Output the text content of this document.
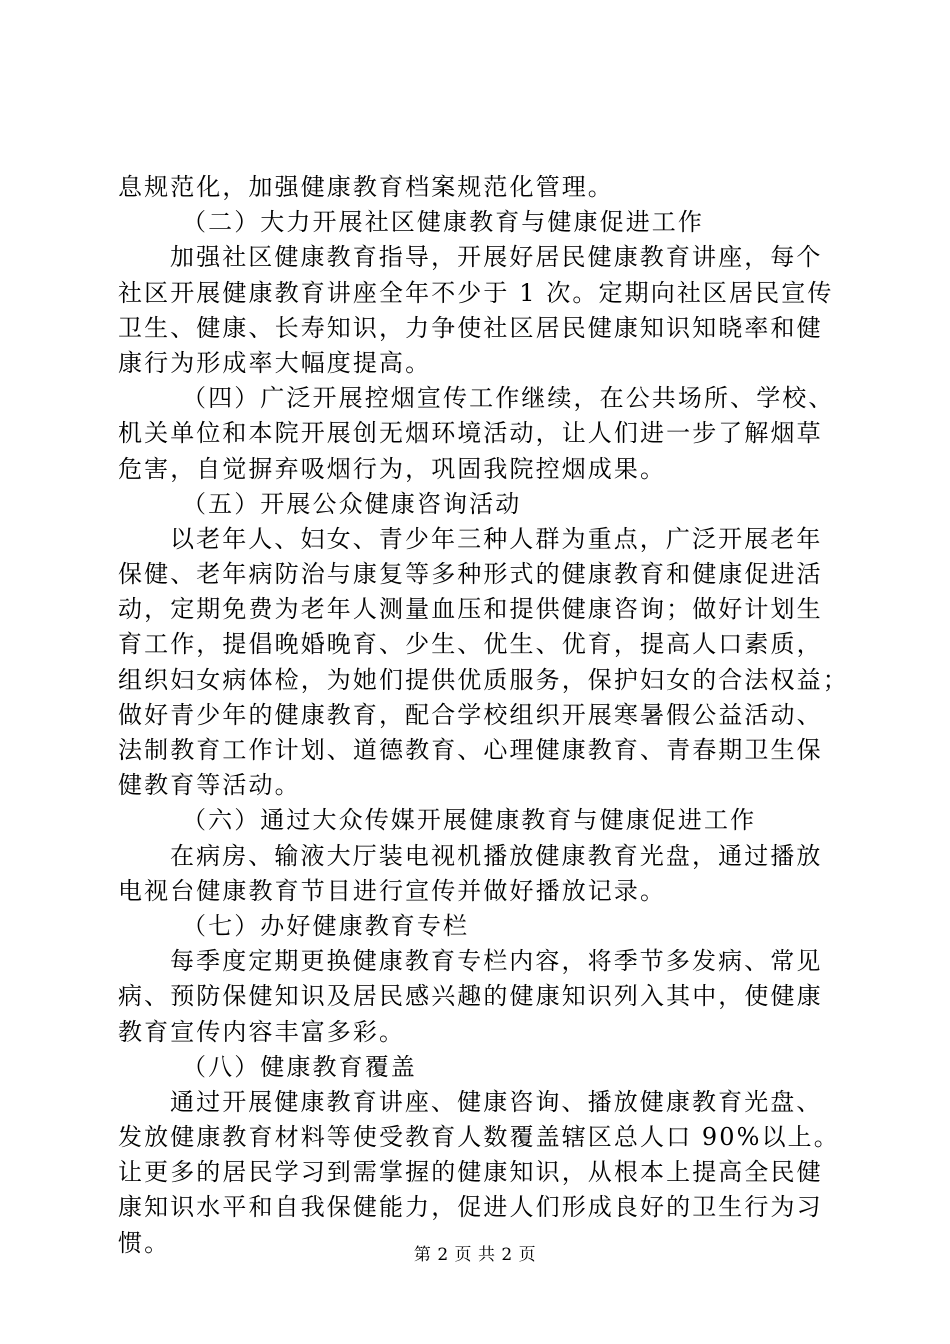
息规范化，加强健康教育档案规范化管理。
（二）大力开展社区健康教育与健康促进工作
加强社区健康教育指导，开展好居民健康教育讲座，每个
社区开展健康教育讲座全年不少于 1 次。定期向社区居民宣传
卫生、健康、长寿知识，力争使社区居民健康知识知晓率和健
康行为形成率大幅度提高。
（四）广泛开展控烟宣传工作继续，在公共场所、学校、
机关单位和本院开展创无烟环境活动，让人们进一步了解烟草
危害，自觉摒弃吸烟行为，巩固我院控烟成果。
（五）开展公众健康咨询活动
以老年人、妇女、青少年三种人群为重点，广泛开展老年
保健、老年病防治与康复等多种形式的健康教育和健康促进活
动，定期免费为老年人测量血压和提供健康咨询；做好计划生
育工作，提倡晚婚晚育、少生、优生、优育，提高人口素质，
组织妇女病体检，为她们提供优质服务，保护妇女的合法权益；
做好青少年的健康教育，配合学校组织开展寒暑假公益活动、
法制教育工作计划、道德教育、心理健康教育、青春期卫生保
健教育等活动。
（六）通过大众传媒开展健康教育与健康促进工作
在病房、输液大厅装电视机播放健康教育光盘，通过播放
电视台健康教育节目进行宣传并做好播放记录。
（七）办好健康教育专栏
每季度定期更换健康教育专栏内容，将季节多发病、常见
病、预防保健知识及居民感兴趣的健康知识列入其中，使健康
教育宣传内容丰富多彩。
（八）健康教育覆盖
通过开展健康教育讲座、健康咨询、播放健康教育光盘、
发放健康教育材料等使受教育人数覆盖辖区总人口 90%以上。
让更多的居民学习到需掌握的健康知识，从根本上提高全民健
康知识水平和自我保健能力，促进人们形成良好的卫生行为习
惯。	第 2 页 共 2 页
